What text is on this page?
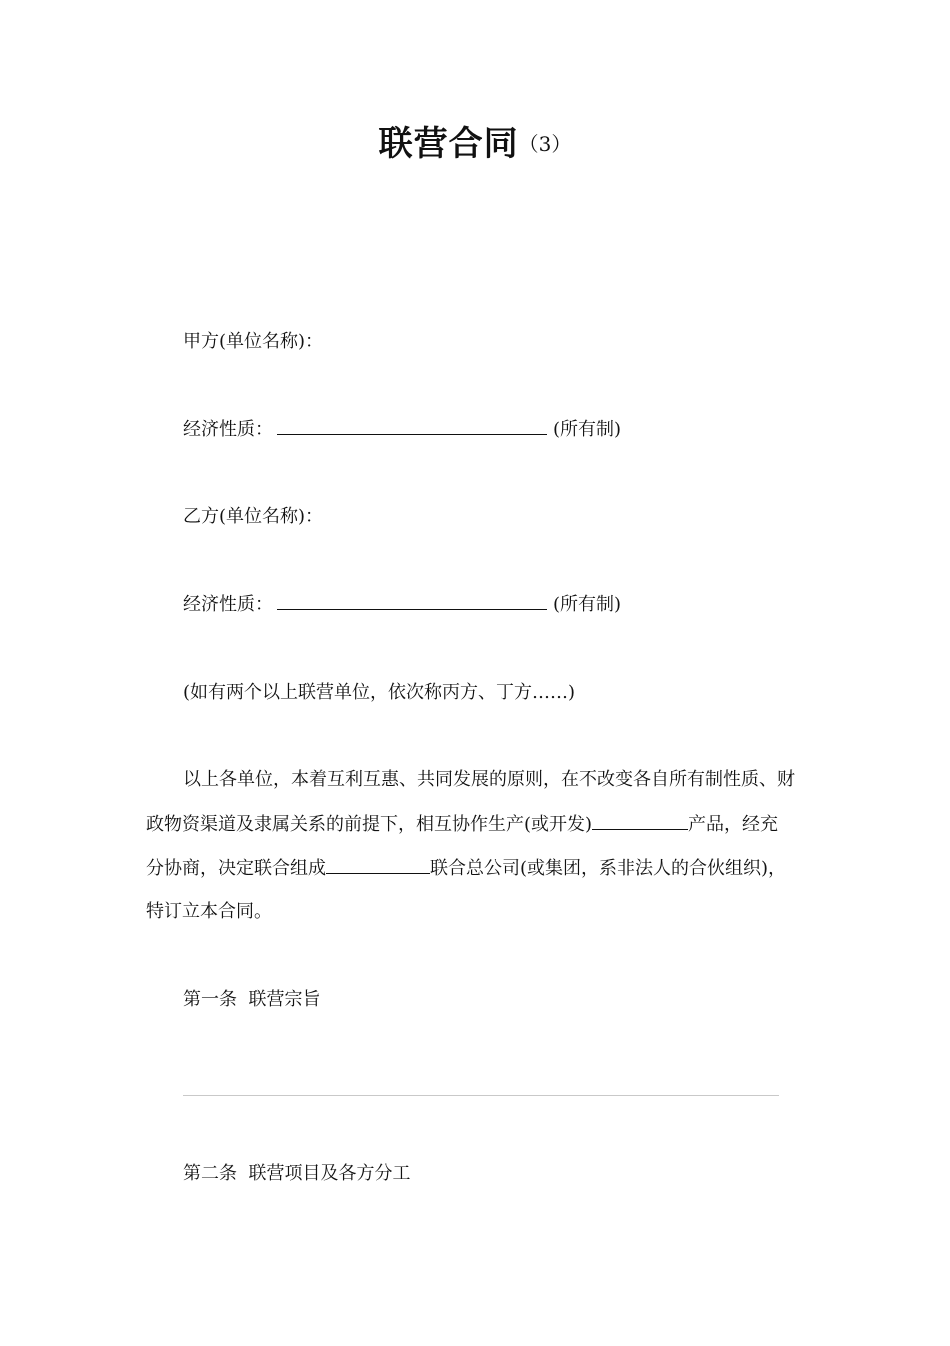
联营合同（3）
甲方(单位名称)：
经济性质：	(所有制)
乙方(单位名称)：
经济性质：	(所有制)
(如有两个以上联营单位，依次称丙方、丁方……)
以上各单位，本着互利互惠、共同发展的原则，在不改变各自所有制性质、财
政物资渠道及隶属关系的前提下，相互协作生产(或开发)	产品，经充
分协商，决定联合组成	联合总公司(或集团，系非法人的合伙组织)，
特订立本合同。
第一条  联营宗旨
第二条  联营项目及各方分工
